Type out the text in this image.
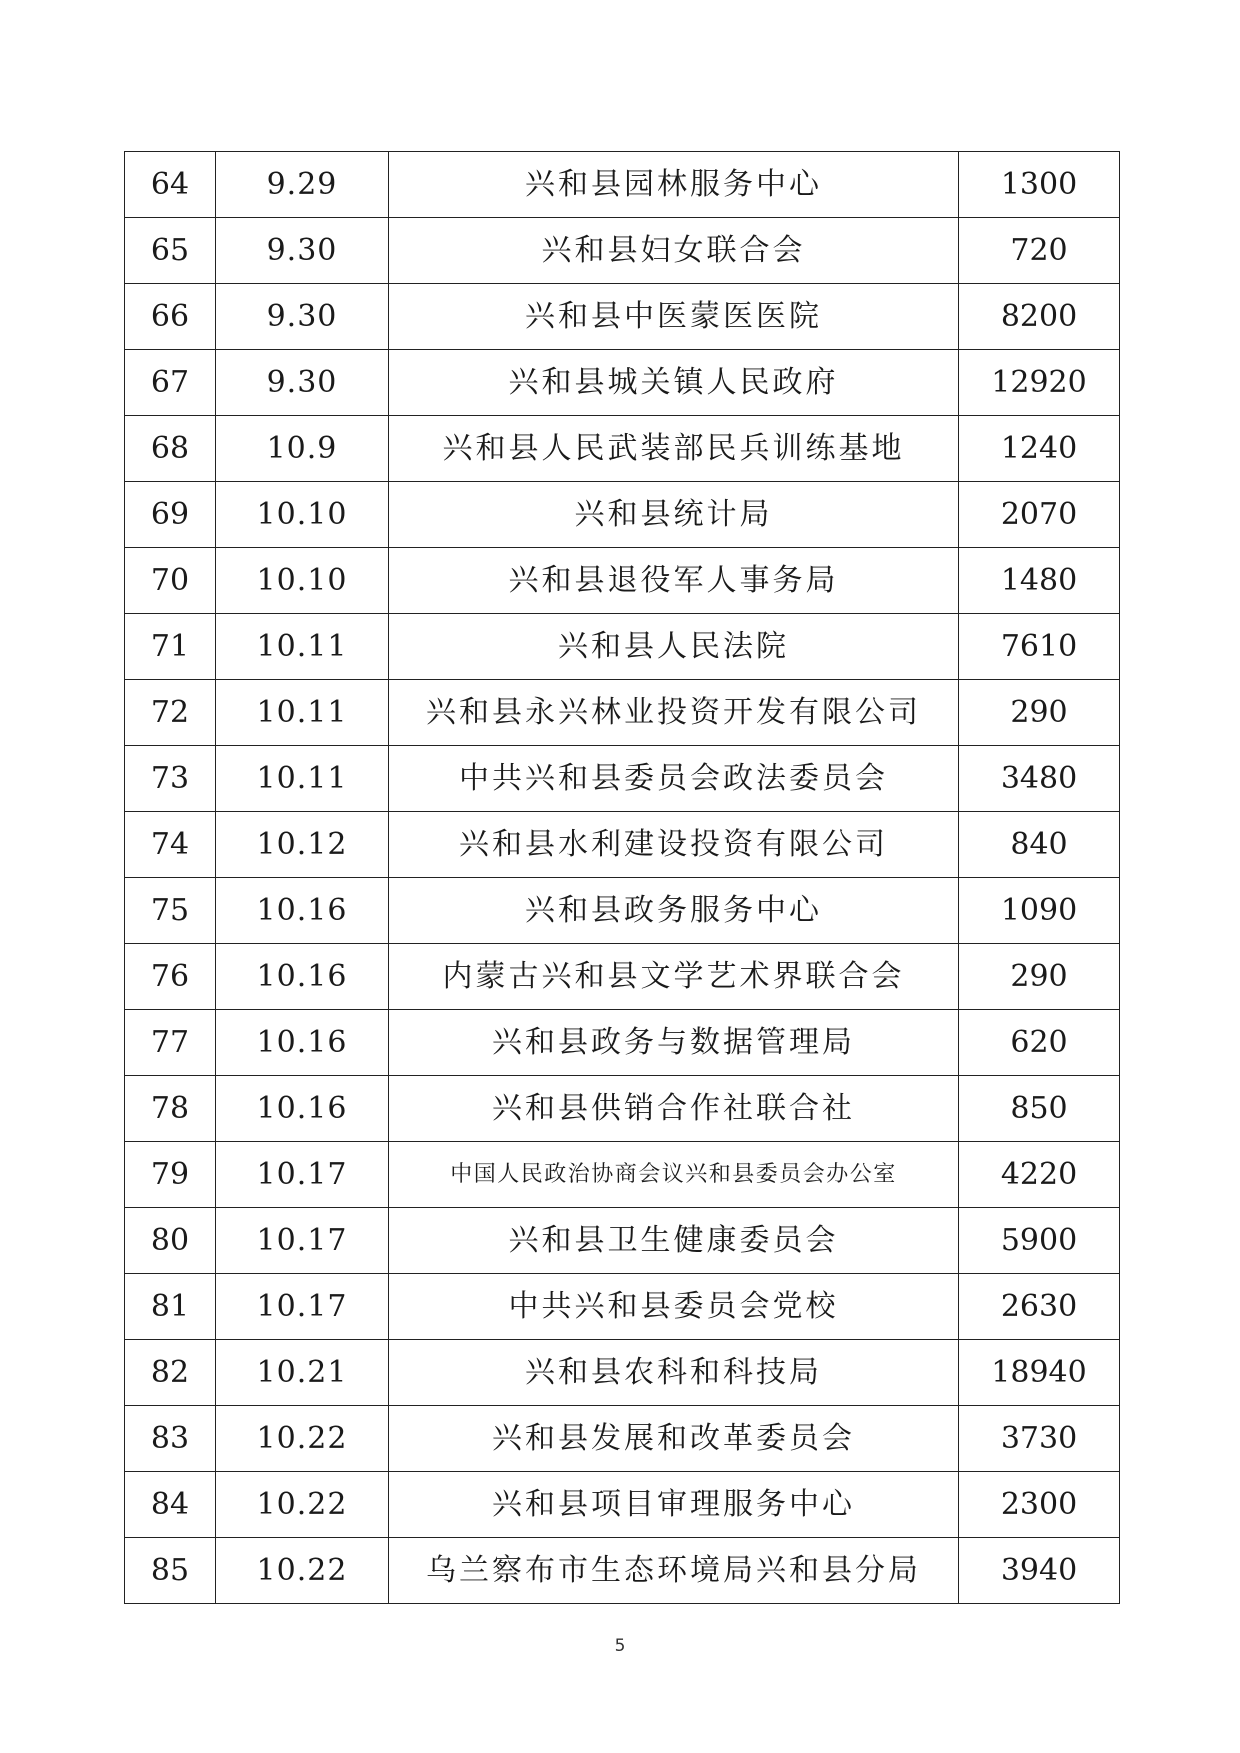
64	9.29	兴和县园林服务中心	1300
65	9.30	兴和县妇女联合会	720
66	9.30	兴和县中医蒙医医院	8200
67	9.30	兴和县城关镇人民政府	12920
68	10.9	兴和县人民武装部民兵训练基地	1240
69	10.10	兴和县统计局	2070
70	10.10	兴和县退役军人事务局	1480
71	10.11	兴和县人民法院	7610
72	10.11	兴和县永兴林业投资开发有限公司	290
73	10.11	中共兴和县委员会政法委员会	3480
74	10.12	兴和县水利建设投资有限公司	840
75	10.16	兴和县政务服务中心	1090
76	10.16	内蒙古兴和县文学艺术界联合会	290
77	10.16	兴和县政务与数据管理局	620
78	10.16	兴和县供销合作社联合社	850
79	10.17	中国人民政治协商会议兴和县委员会办公室	4220
80	10.17	兴和县卫生健康委员会	5900
81	10.17	中共兴和县委员会党校	2630
82	10.21	兴和县农科和科技局	18940
83	10.22	兴和县发展和改革委员会	3730
84	10.22	兴和县项目审理服务中心	2300
85	10.22	乌兰察布市生态环境局兴和县分局	3940
5
